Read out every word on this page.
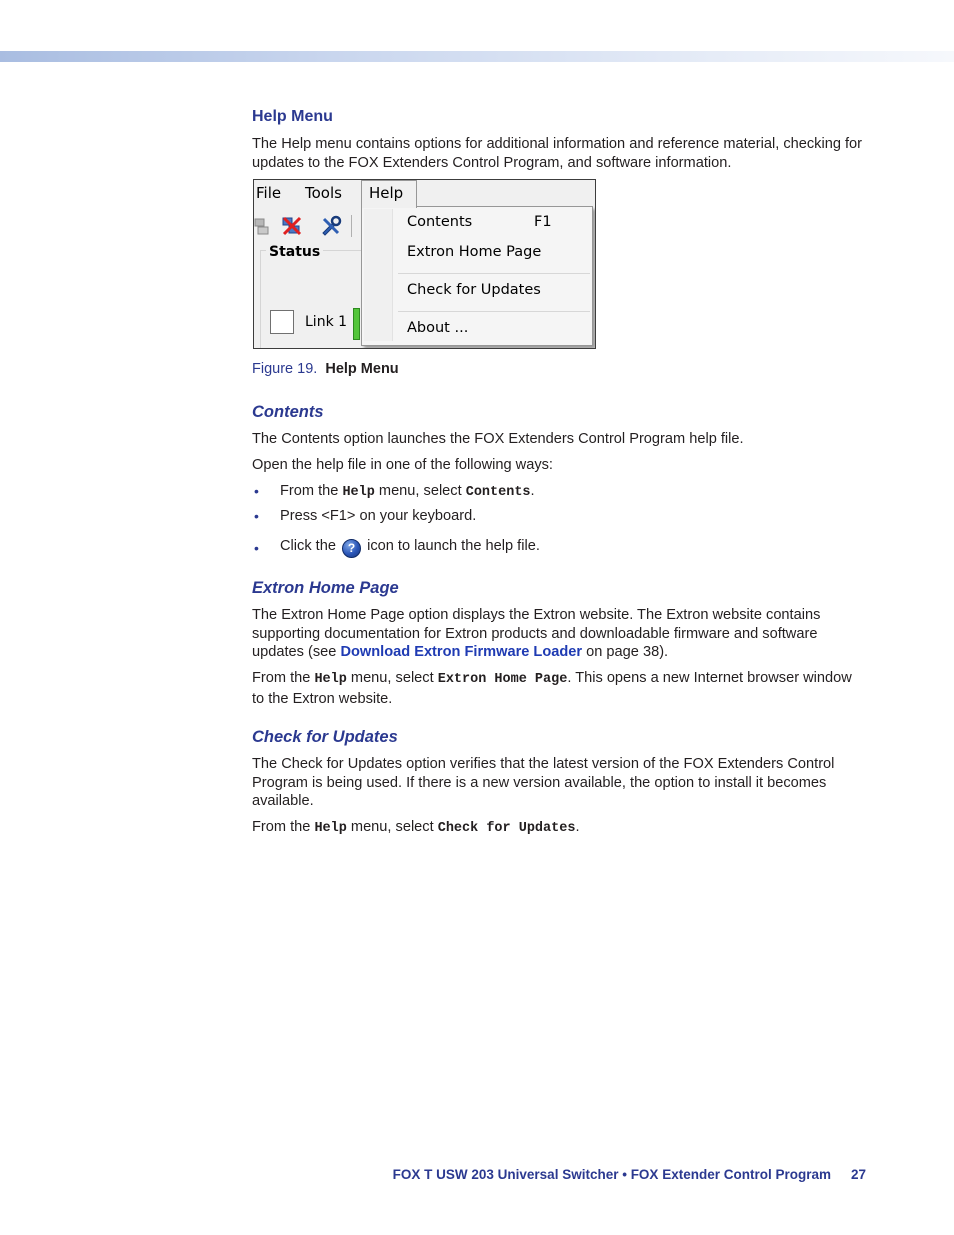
Help Menu

The Help menu contains options for additional information and reference material, checking for updates to the FOX Extenders Control Program, and software information.

File Tools Help
Status
Link 1
Contents	F1
Extron Home Page
Check for Updates
About ...
Figure 19. Help Menu
Contents

The Contents option launches the FOX Extenders Control Program help file.

Open the help file in one of the following ways:

• From the Help menu, select Contents.
• Press <F1> on your keyboard.
• Click the ? icon to launch the help file.
Extron Home Page

The Extron Home Page option displays the Extron website. The Extron website contains supporting documentation for Extron products and downloadable firmware and software updates (see Download Extron Firmware Loader on page 38).

From the Help menu, select Extron Home Page. This opens a new Internet browser window to the Extron website.

Check for Updates

The Check for Updates option verifies that the latest version of the FOX Extenders Control Program is being used. If there is a new version available, the option to install it becomes available.

From the Help menu, select Check for Updates.

FOX T USW 203 Universal Switcher • FOX Extender Control Program 27
